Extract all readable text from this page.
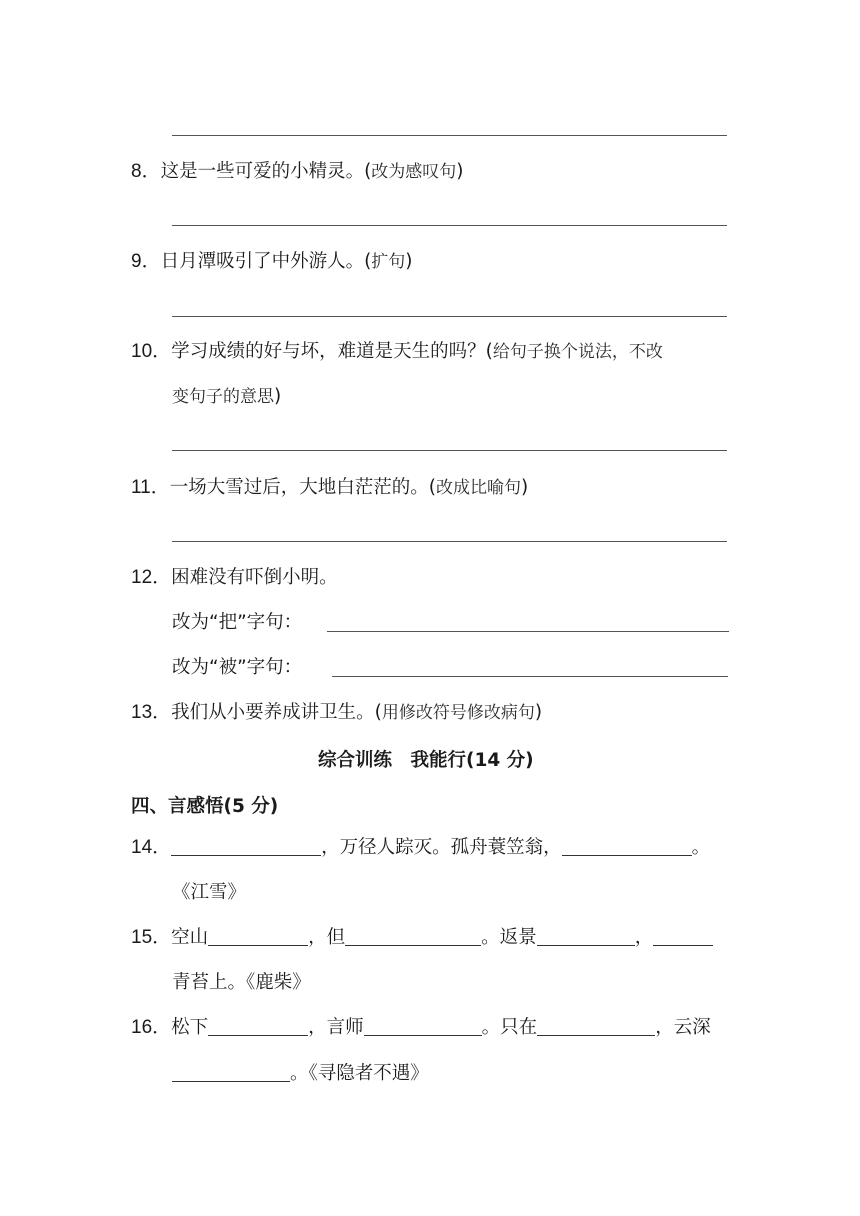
8．这是一些可爱的小精灵。(改为感叹句)
9．日月潭吸引了中外游人。(扩句)
10．学习成绩的好与坏，难道是天生的吗？(给句子换个说法，不改
变句子的意思)
11．一场大雪过后，大地白茫茫的。(改成比喻句)
12．困难没有吓倒小明。
改为“把”字句：
改为“被”字句：
13．我们从小要养成讲卫生。(用修改符号修改病句)
综合训练　我能行(14 分)
四、言感悟(5 分)
14．	，万径人踪灭。孤舟蓑笠翁，	。
《江雪》
15．空山	，但	。返景	，
青苔上。《鹿柴》
16．松下	，言师	。只在	，云深
。《寻隐者不遇》
